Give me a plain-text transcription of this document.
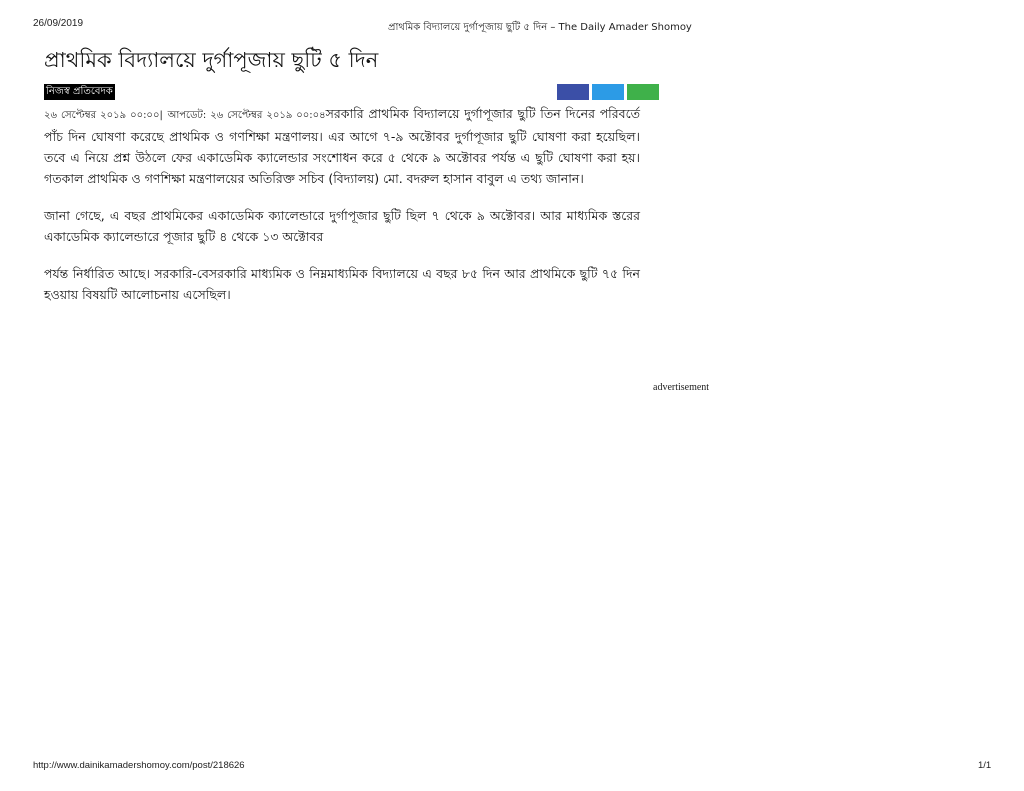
26/09/2019	প্রাথমিক বিদ্যালয়ে দুর্গাপূজায় ছুটি ৫ দিন – The Daily Amader Shomoy
প্রাথমিক বিদ্যালয়ে দুর্গাপূজায় ছুটি ৫ দিন
নিজস্ব প্রতিবেদক

২৬ সেপ্টেম্বর ২০১৯ ০০:০০| আপডেট: ২৬ সেপ্টেম্বর ২০১৯ ০০:০৪সরকারি প্রাথমিক বিদ্যালয়ে দুর্গাপূজার ছুটি তিন দিনের পরিবর্তে পাঁচ দিন ঘোষণা করেছে প্রাথমিক ও গণশিক্ষা মন্ত্রণালয়। এর আগে ৭-৯ অক্টোবর দুর্গাপূজার ছুটি ঘোষণা করা হয়েছিল। তবে এ নিয়ে প্রশ্ন উঠলে ফের একাডেমিক ক্যালেন্ডার সংশোধন করে ৫ থেকে ৯ অক্টোবর পর্যন্ত এ ছুটি ঘোষণা করা হয়। গতকাল প্রাথমিক ও গণশিক্ষা মন্ত্রণালয়ের অতিরিক্ত সচিব (বিদ্যালয়) মো. বদরুল হাসান বাবুল এ তথ্য জানান।

জানা গেছে, এ বছর প্রাথমিকের একাডেমিক ক্যালেন্ডারে দুর্গাপূজার ছুটি ছিল ৭ থেকে ৯ অক্টোবর। আর মাধ্যমিক স্তরের একাডেমিক ক্যালেন্ডারে পূজার ছুটি ৪ থেকে ১৩ অক্টোবর

পর্যন্ত নির্ধারিত আছে। সরকারি-বেসরকারি মাধ্যমিক ও নিম্নমাধ্যমিক বিদ্যালয়ে এ বছর ৮৫ দিন আর প্রাথমিকে ছুটি ৭৫ দিন হওয়ায় বিষয়টি আলোচনায় এসেছিল।

advertisement
http://www.dainikamadershomoy.com/post/218626	1/1
